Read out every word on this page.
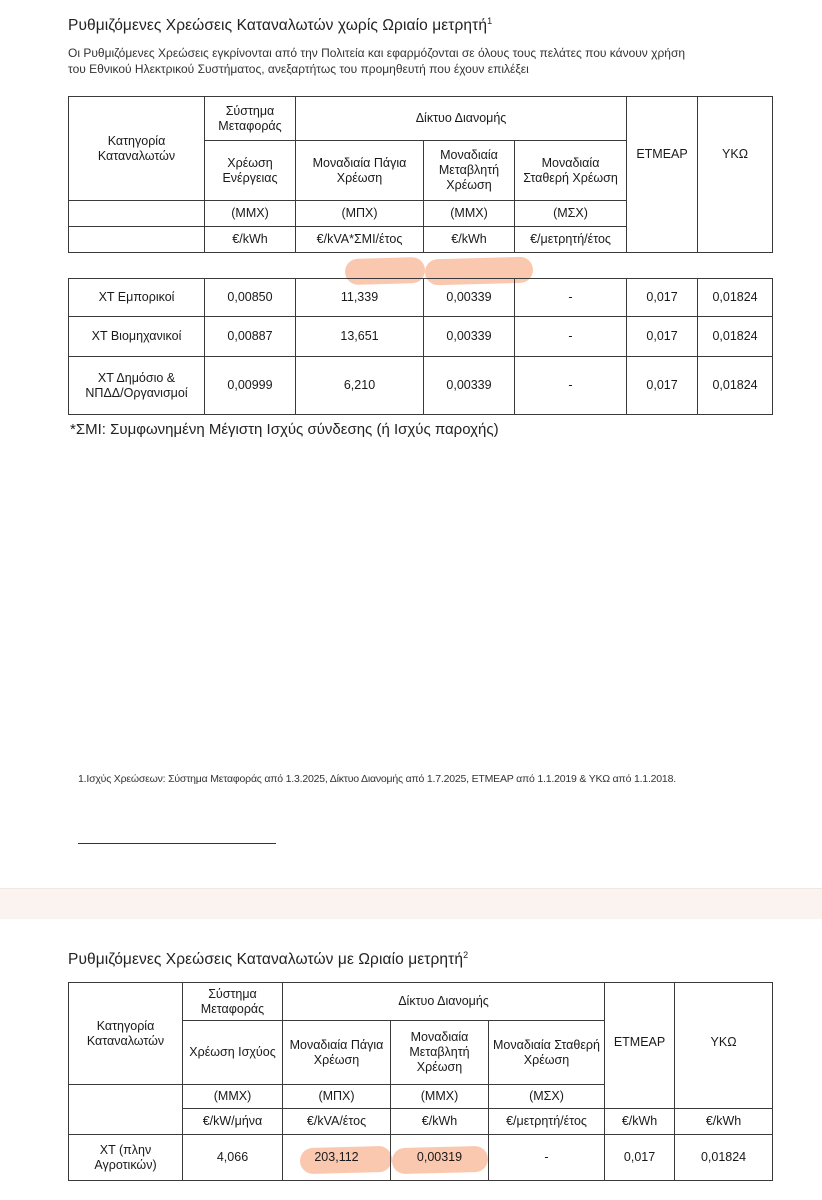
Ρυθμιζόμενες Χρεώσεις Καταναλωτών χωρίς Ωριαίο μετρητή$^1$
Οι Ρυθμιζόμενες Χρεώσεις εγκρίνονται από την Πολιτεία και εφαρμόζονται σε όλους τους πελάτες που κάνουν χρήση
του Εθνικού Ηλεκτρικού Συστήματος, ανεξαρτήτως του προμηθευτή που έχουν επιλέξει
Κατηγορία Καταναλωτών	Σύστημα Μεταφοράς	Δίκτυο Διανομής			ΕΤΜΕΑΡ	ΥΚΩ
	Χρέωση Ενέργειας	Μοναδιαία Πάγια Χρέωση	Μοναδιαία Μεταβλητή Χρέωση	Μοναδιαία Σταθερή Χρέωση		
	(ΜΜΧ)	(ΜΠΧ)	(ΜΜΧ)	(ΜΣΧ)		
	€/kWh	€/kVA*ΣΜΙ/έτος	€/kWh	€/μετρητή/έτος		

ΧΤ Εμπορικοί	0,00850	11,339	0,00339	-	0,017	0,01824
ΧΤ Βιομηχανικοί	0,00887	13,651	0,00339	-	0,017	0,01824

ΧΤ Δημόσιο &
ΝΠΔΔ/Οργανισμοί	0,00999	6,210	0,00339	-	0,017	0,01824
*ΣΜΙ: Συμφωνημένη Μέγιστη Ισχύς σύνδεσης (ή Ισχύς παροχής)
1.Ισχύς Χρεώσεων: Σύστημα Μεταφοράς από 1.3.2025, Δίκτυο Διανομής από 1.7.2025, ΕΤΜΕΑΡ από 1.1.2019 & ΥΚΩ από 1.1.2018.
Ρυθμιζόμενες Χρεώσεις Καταναλωτών με Ωριαίο μετρητή$^2$
Κατηγορία Καταναλωτών	Σύστημα Μεταφοράς	Δίκτυο Διανομής			ΕΤΜΕΑΡ	ΥΚΩ
	Χρέωση Ισχύος	Μοναδιαία Πάγια Χρέωση	Μοναδιαία Μεταβλητή Χρέωση	Μοναδιαία Σταθερή Χρέωση		
	(ΜΜΧ)	(ΜΠΧ)	(ΜΜΧ)	(ΜΣΧ)		
	€/kW/μήνα	€/kVA/έτος	€/kWh	€/μετρητή/έτος	€/kWh	€/kWh

ΧΤ (πλην
Αγροτικών)	4,066	203,112	0,00319	-	0,017	0,01824
